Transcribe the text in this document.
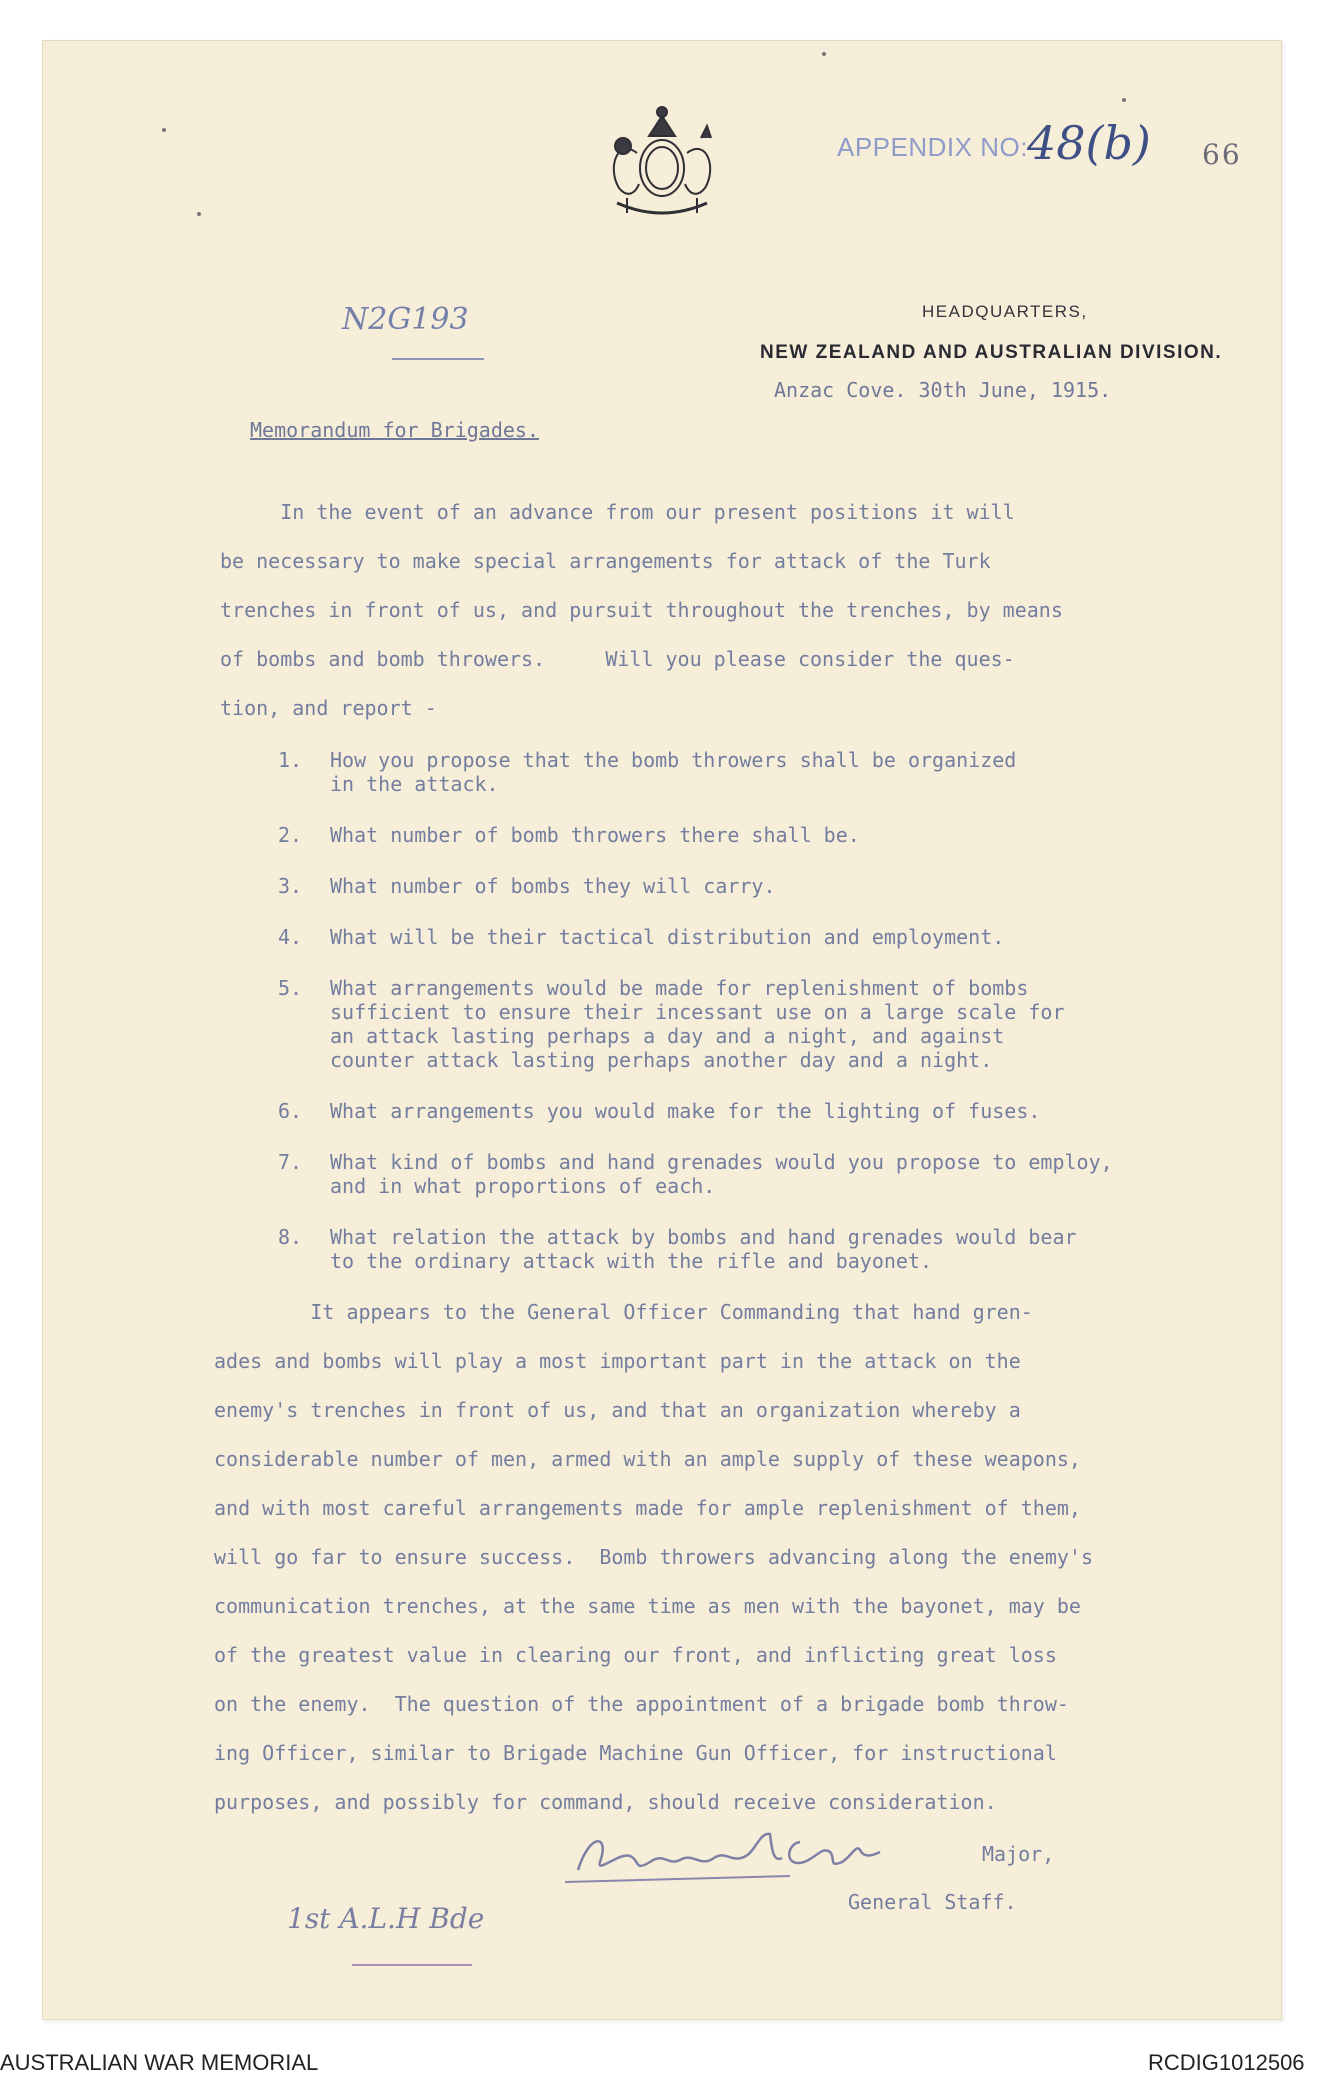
APPENDIX NO: 48(b) 66
N2G193	HEADQUARTERS,
NEW ZEALAND AND AUSTRALIAN DIVISION.
Anzac Cove. 30th June, 1915.
Memorandum for Brigades.

In the event of an advance from our present positions it will

be necessary to make special arrangements for attack of the Turk

trenches in front of us, and pursuit throughout the trenches, by means

of bombs and bomb throwers.     Will you please consider the ques-

tion, and report -

1.	How you propose that the bomb throwers shall be organized
in the attack.
2.	What number of bomb throwers there shall be.
3.	What number of bombs they will carry.
4.	What will be their tactical distribution and employment.
5.	What arrangements would be made for replenishment of bombs
sufficient to ensure their incessant use on a large scale for
an attack lasting perhaps a day and a night, and against
counter attack lasting perhaps another day and a night.
6.	What arrangements you would make for the lighting of fuses.
7.	What kind of bombs and hand grenades would you propose to employ,
and in what proportions of each.
8.	What relation the attack by bombs and hand grenades would bear
to the ordinary attack with the rifle and bayonet.

It appears to the General Officer Commanding that hand gren-

ades and bombs will play a most important part in the attack on the

enemy's trenches in front of us, and that an organization whereby a

considerable number of men, armed with an ample supply of these weapons,

and with most careful arrangements made for ample replenishment of them,

will go far to ensure success.  Bomb throwers advancing along the enemy's

communication trenches, at the same time as men with the bayonet, may be

of the greatest value in clearing our front, and inflicting great loss

on the enemy.  The question of the appointment of a brigade bomb throw-

ing Officer, similar to Brigade Machine Gun Officer, for instructional

purposes, and possibly for command, should receive consideration.

Major,
General Staff.
1st A.L.H Bde
AUSTRALIAN WAR MEMORIAL	RCDIG1012506
